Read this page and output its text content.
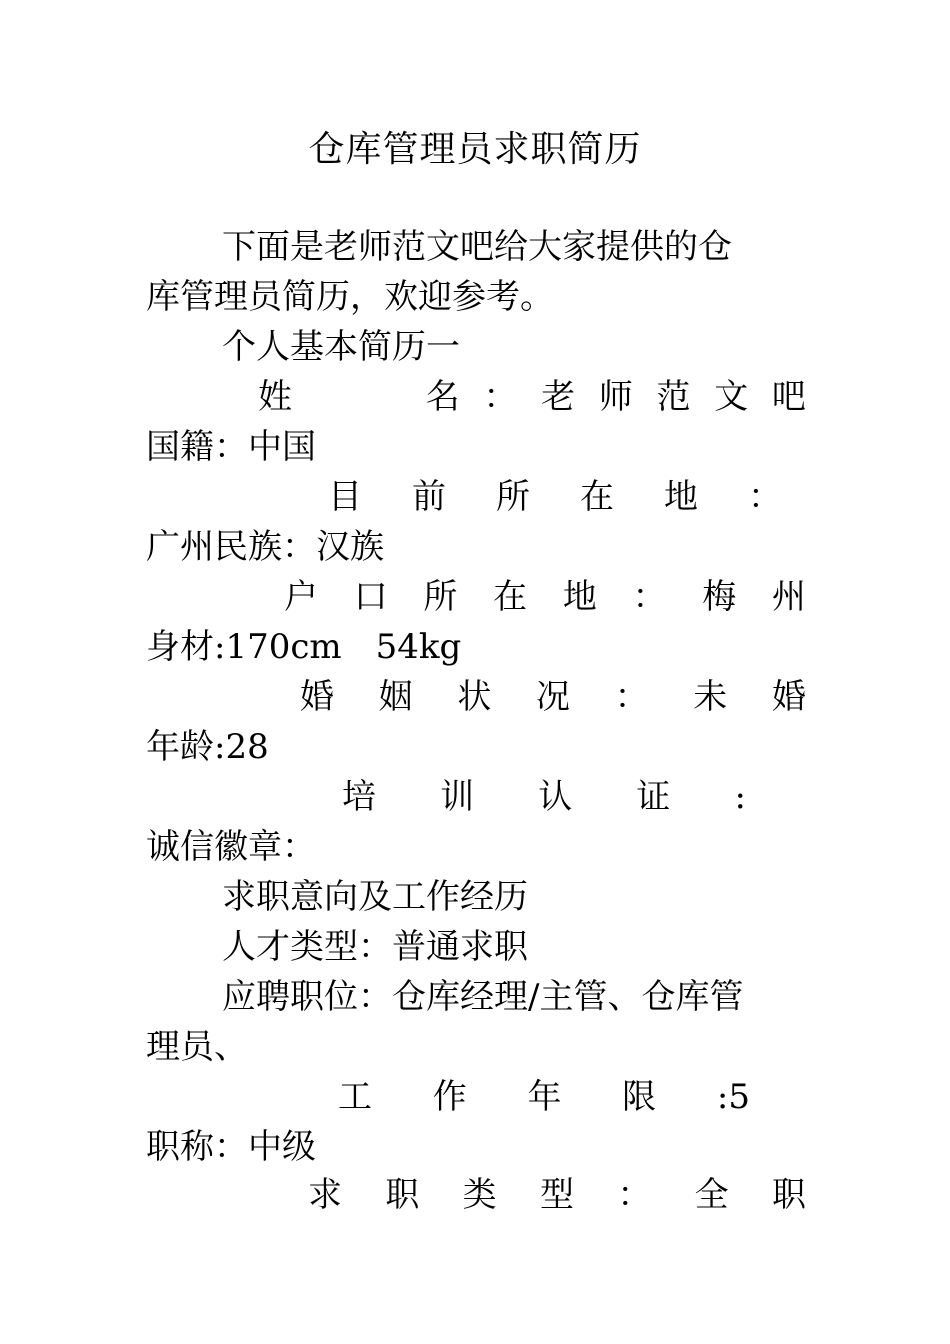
仓库管理员求职简历
下面是老师范文吧给大家提供的仓
库管理员简历，欢迎参考。
个人基本简历一
姓	名 ： 老 师 范 文 吧
国籍：中国
目 前 所 在 地 ：
广州民族：汉族
户 口 所 在 地 ： 梅 州
身材:170cm　54kg
婚 姻 状 况 ： 未 婚
年龄:28
培 训 认 证 :
诚信徽章：
求职意向及工作经历
人才类型：普通求职
应聘职位：仓库经理/主管、仓库管
理员、
工 作 年 限 :5
职称：中级
求 职 类 型 ： 全 职
